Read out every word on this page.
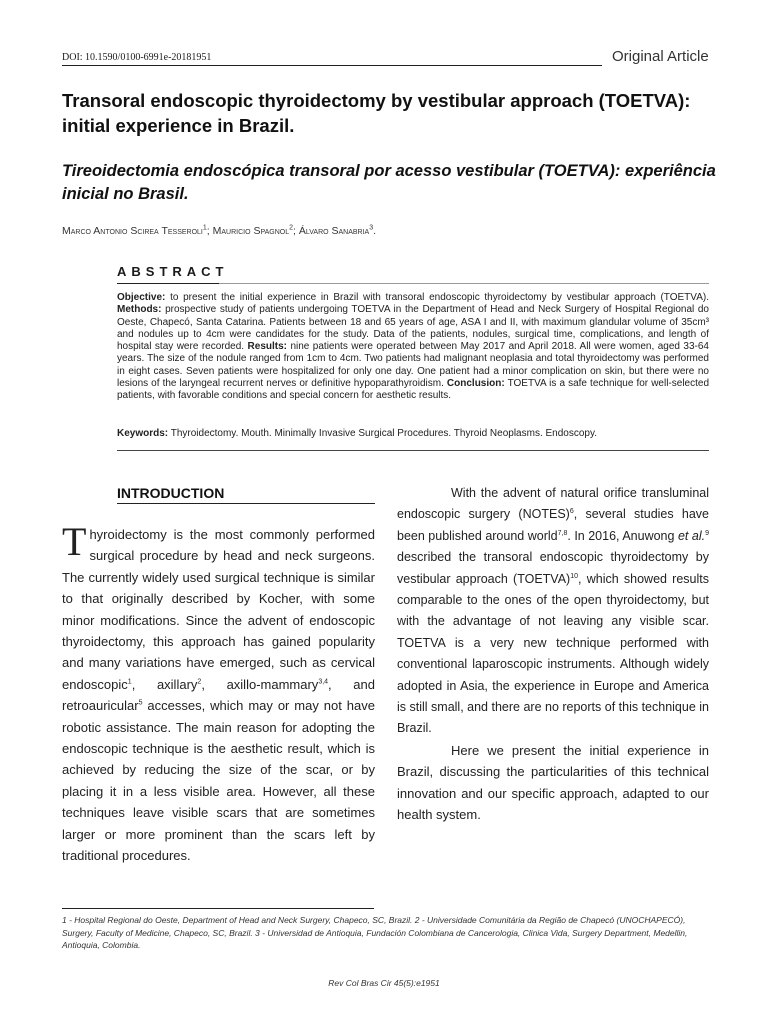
DOI: 10.1590/0100-6991e-20181951	Original Article
Transoral endoscopic thyroidectomy by vestibular approach (TOETVA): initial experience in Brazil.
Tireoidectomia endoscópica transoral por acesso vestibular (TOETVA): experiência inicial no Brasil.
Marco Antonio Scirea Tesseroli$^1$; Mauricio Spagnol$^2$; Álvaro Sanabria$^3$.
ABSTRACT
Objective: to present the initial experience in Brazil with transoral endoscopic thyroidectomy by vestibular approach (TOETVA). Methods: prospective study of patients undergoing TOETVA in the Department of Head and Neck Surgery of Hospital Regional do Oeste, Chapecó, Santa Catarina. Patients between 18 and 65 years of age, ASA I and II, with maximum glandular volume of 35cm³ and nodules up to 4cm were candidates for the study. Data of the patients, nodules, surgical time, complications, and length of hospital stay were recorded. Results: nine patients were operated between May 2017 and April 2018. All were women, aged 33-64 years. The size of the nodule ranged from 1cm to 4cm. Two patients had malignant neoplasia and total thyroidectomy was performed in eight cases. Seven patients were hospitalized for only one day. One patient had a minor complication on skin, but there were no lesions of the laryngeal recurrent nerves or definitive hypoparathyroidism. Conclusion: TOETVA is a safe technique for well-selected patients, with favorable conditions and special concern for aesthetic results.
Keywords: Thyroidectomy. Mouth. Minimally Invasive Surgical Procedures. Thyroid Neoplasms. Endoscopy.
INTRODUCTION
Thyroidectomy is the most commonly performed surgical procedure by head and neck surgeons. The currently widely used surgical technique is similar to that originally described by Kocher, with some minor modifications. Since the advent of endoscopic thyroidectomy, this approach has gained popularity and many variations have emerged, such as cervical endoscopic$^1$, axillary$^2$, axillo-mammary$^{3,4}$, and retroauricular$^5$ accesses, which may or may not have robotic assistance. The main reason for adopting the endoscopic technique is the aesthetic result, which is achieved by reducing the size of the scar, or by placing it in a less visible area. However, all these techniques leave visible scars that are sometimes larger or more prominent than the scars left by traditional procedures.

With the advent of natural orifice transluminal endoscopic surgery (NOTES)$^6$, several studies have been published around world$^{7,8}$. In 2016, Anuwong et al.$^9$ described the transoral endoscopic thyroidectomy by vestibular approach (TOETVA)$^{10}$, which showed results comparable to the ones of the open thyroidectomy, but with the advantage of not leaving any visible scar. TOETVA is a very new technique performed with conventional laparoscopic instruments. Although widely adopted in Asia, the experience in Europe and America is still small, and there are no reports of this technique in Brazil.

Here we present the initial experience in Brazil, discussing the particularities of this technical innovation and our specific approach, adapted to our health system.

1 - Hospital Regional do Oeste, Department of Head and Neck Surgery, Chapeco, SC, Brazil. 2 - Universidade Comunitária da Região de Chapecó (UNOCHAPECÓ), Surgery, Faculty of Medicine, Chapeco, SC, Brazil. 3 - Universidad de Antioquia, Fundación Colombiana de Cancerologia, Clinica Vida, Surgery Department, Medellin, Antioquia, Colombia.
Rev Col Bras Cir 45(5):e1951
